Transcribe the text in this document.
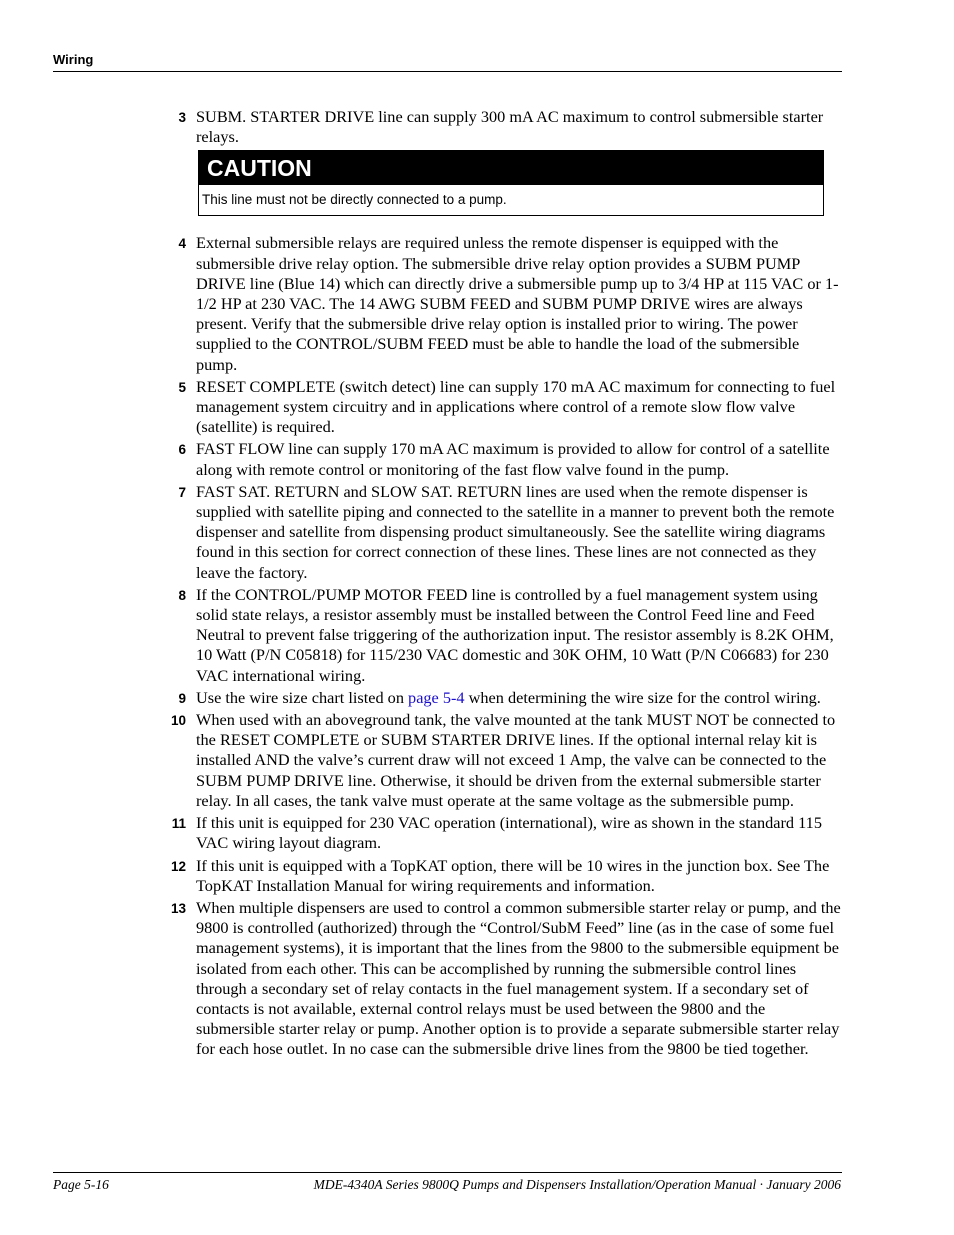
Wiring
3 SUBM. STARTER DRIVE line can supply 300 mA AC maximum to control submersible starter relays.
CAUTION
This line must not be directly connected to a pump.
4 External submersible relays are required unless the remote dispenser is equipped with the submersible drive relay option. The submersible drive relay option provides a SUBM PUMP DRIVE line (Blue 14) which can directly drive a submersible pump up to 3/4 HP at 115 VAC or 1-1/2 HP at 230 VAC. The 14 AWG SUBM FEED and SUBM PUMP DRIVE wires are always present. Verify that the submersible drive relay option is installed prior to wiring. The power supplied to the CONTROL/SUBM FEED must be able to handle the load of the submersible pump.
5 RESET COMPLETE (switch detect) line can supply 170 mA AC maximum for connecting to fuel management system circuitry and in applications where control of a remote slow flow valve (satellite) is required.
6 FAST FLOW line can supply 170 mA AC maximum is provided to allow for control of a satellite along with remote control or monitoring of the fast flow valve found in the pump.
7 FAST SAT. RETURN and SLOW SAT. RETURN lines are used when the remote dispenser is supplied with satellite piping and connected to the satellite in a manner to prevent both the remote dispenser and satellite from dispensing product simultaneously. See the satellite wiring diagrams found in this section for correct connection of these lines. These lines are not connected as they leave the factory.
8 If the CONTROL/PUMP MOTOR FEED line is controlled by a fuel management system using solid state relays, a resistor assembly must be installed between the Control Feed line and Feed Neutral to prevent false triggering of the authorization input. The resistor assembly is 8.2K OHM, 10 Watt (P/N C05818) for 115/230 VAC domestic and 30K OHM, 10 Watt (P/N C06683) for 230 VAC international wiring.
9 Use the wire size chart listed on page 5-4 when determining the wire size for the control wiring.
10 When used with an aboveground tank, the valve mounted at the tank MUST NOT be connected to the RESET COMPLETE or SUBM STARTER DRIVE lines. If the optional internal relay kit is installed AND the valve’s current draw will not exceed 1 Amp, the valve can be connected to the SUBM PUMP DRIVE line. Otherwise, it should be driven from the external submersible starter relay. In all cases, the tank valve must operate at the same voltage as the submersible pump.
11 If this unit is equipped for 230 VAC operation (international), wire as shown in the standard 115 VAC wiring layout diagram.
12 If this unit is equipped with a TopKAT option, there will be 10 wires in the junction box. See The TopKAT Installation Manual for wiring requirements and information.
13 When multiple dispensers are used to control a common submersible starter relay or pump, and the 9800 is controlled (authorized) through the “Control/SubM Feed” line (as in the case of some fuel management systems), it is important that the lines from the 9800 to the submersible equipment be isolated from each other. This can be accomplished by running the submersible control lines through a secondary set of relay contacts in the fuel management system. If a secondary set of contacts is not available, external control relays must be used between the 9800 and the submersible starter relay or pump. Another option is to provide a separate submersible starter relay for each hose outlet. In no case can the submersible drive lines from the 9800 be tied together.
Page 5-16	MDE-4340A Series 9800Q Pumps and Dispensers Installation/Operation Manual · January 2006
